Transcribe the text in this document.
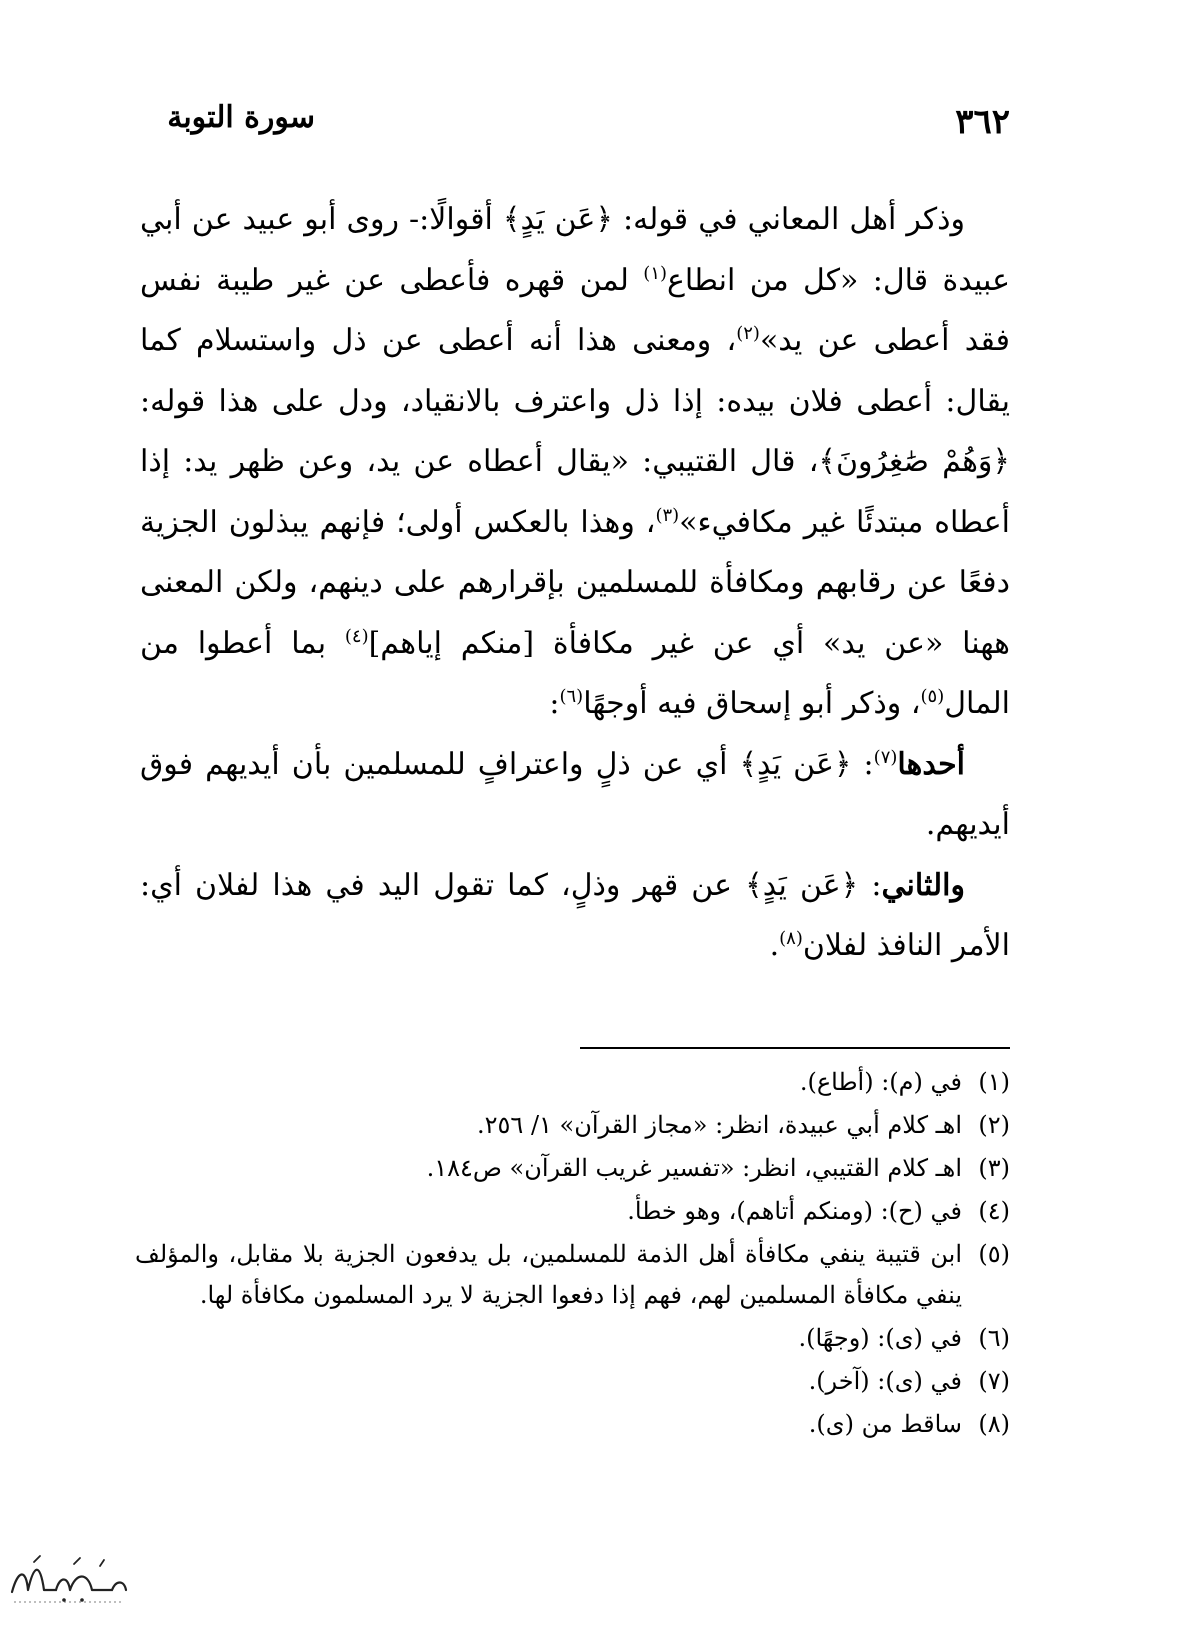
سورة التوبة	٣٦٢

وذكر أهل المعاني في قوله: ﴿عَن يَدٍ﴾ أقوالًا:- روى أبو عبيد عن أبي عبيدة قال: «كل من انطاع$^{(١)}$ لمن قهره فأعطى عن غير طيبة نفس فقد أعطى عن يد»$^{(٢)}$، ومعنى هذا أنه أعطى عن ذل واستسلام كما يقال: أعطى فلان بيده: إذا ذل واعترف بالانقياد، ودل على هذا قوله: ﴿وَهُمْ صَٰغِرُونَ﴾، قال القتيبي: «يقال أعطاه عن يد، وعن ظهر يد: إذا أعطاه مبتدئًا غير مكافيء»$^{(٣)}$، وهذا بالعكس أولى؛ فإنهم يبذلون الجزية دفعًا عن رقابهم ومكافأة للمسلمين بإقرارهم على دينهم، ولكن المعنى ههنا «عن يد» أي عن غير مكافأة [منكم إياهم]$^{(٤)}$ بما أعطوا من المال$^{(٥)}$، وذكر أبو إسحاق فيه أوجهًا$^{(٦)}$:

أحدها$^{(٧)}$: ﴿عَن يَدٍ﴾ أي عن ذلٍ واعترافٍ للمسلمين بأن أيديهم فوق أيديهم.

والثاني: ﴿عَن يَدٍ﴾ عن قهر وذلٍ، كما تقول اليد في هذا لفلان أي: الأمر النافذ لفلان$^{(٨)}$.

(١)
في (م): (أطاع).
(٢)
اهـ كلام أبي عبيدة، انظر: «مجاز القرآن» ١/ ٢٥٦.
(٣)
اهـ كلام القتيبي، انظر: «تفسير غريب القرآن» ص١٨٤.
(٤)
في (ح): (ومنكم أتاهم)، وهو خطأ.
(٥)
ابن قتيبة ينفي مكافأة أهل الذمة للمسلمين، بل يدفعون الجزية بلا مقابل، والمؤلف ينفي مكافأة المسلمين لهم، فهم إذا دفعوا الجزية لا يرد المسلمون مكافأة لها.
(٦)
في (ى): (وجهًا).
(٧)
في (ى): (آخر).
(٨)
ساقط من (ى).
